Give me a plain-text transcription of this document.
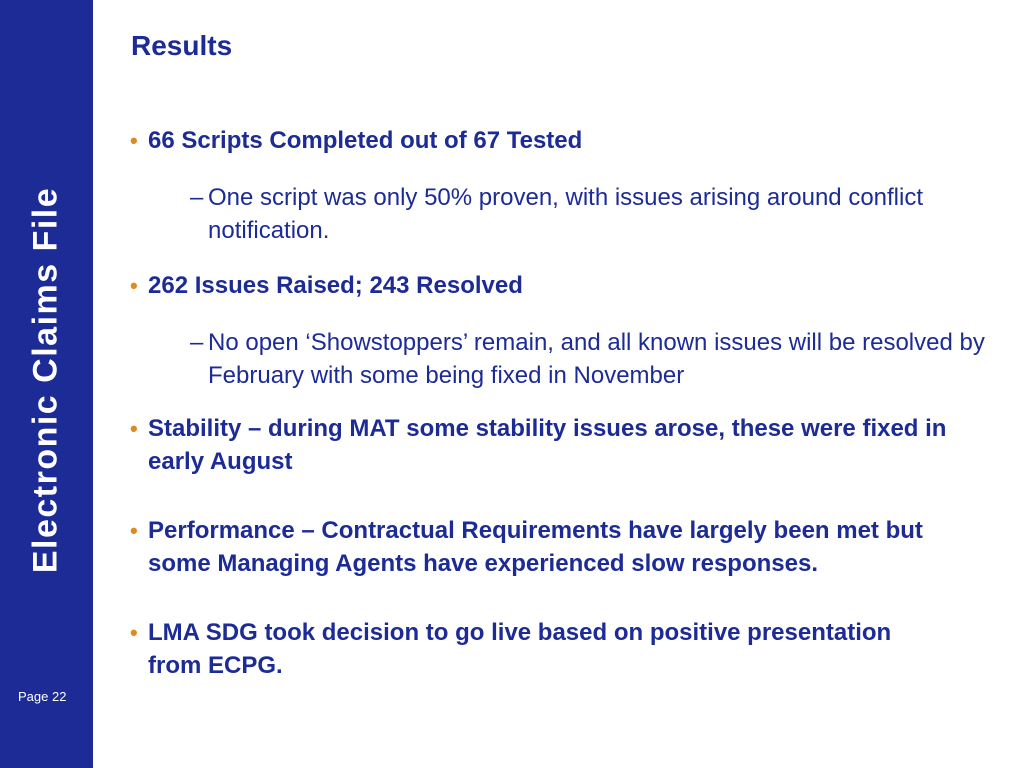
Electronic Claims File
Page 22
Results
• 66 Scripts Completed out of 67 Tested
– One script was only 50% proven, with issues arising around conflict notification.
• 262 Issues Raised; 243 Resolved
– No open ‘Showstoppers’ remain, and all known issues will be resolved by February with some being fixed in November
• Stability – during MAT some stability issues arose, these were fixed in early August
• Performance – Contractual Requirements have largely been met but some Managing Agents have experienced slow responses.
• LMA SDG took decision to go live based on positive presentation from ECPG.
